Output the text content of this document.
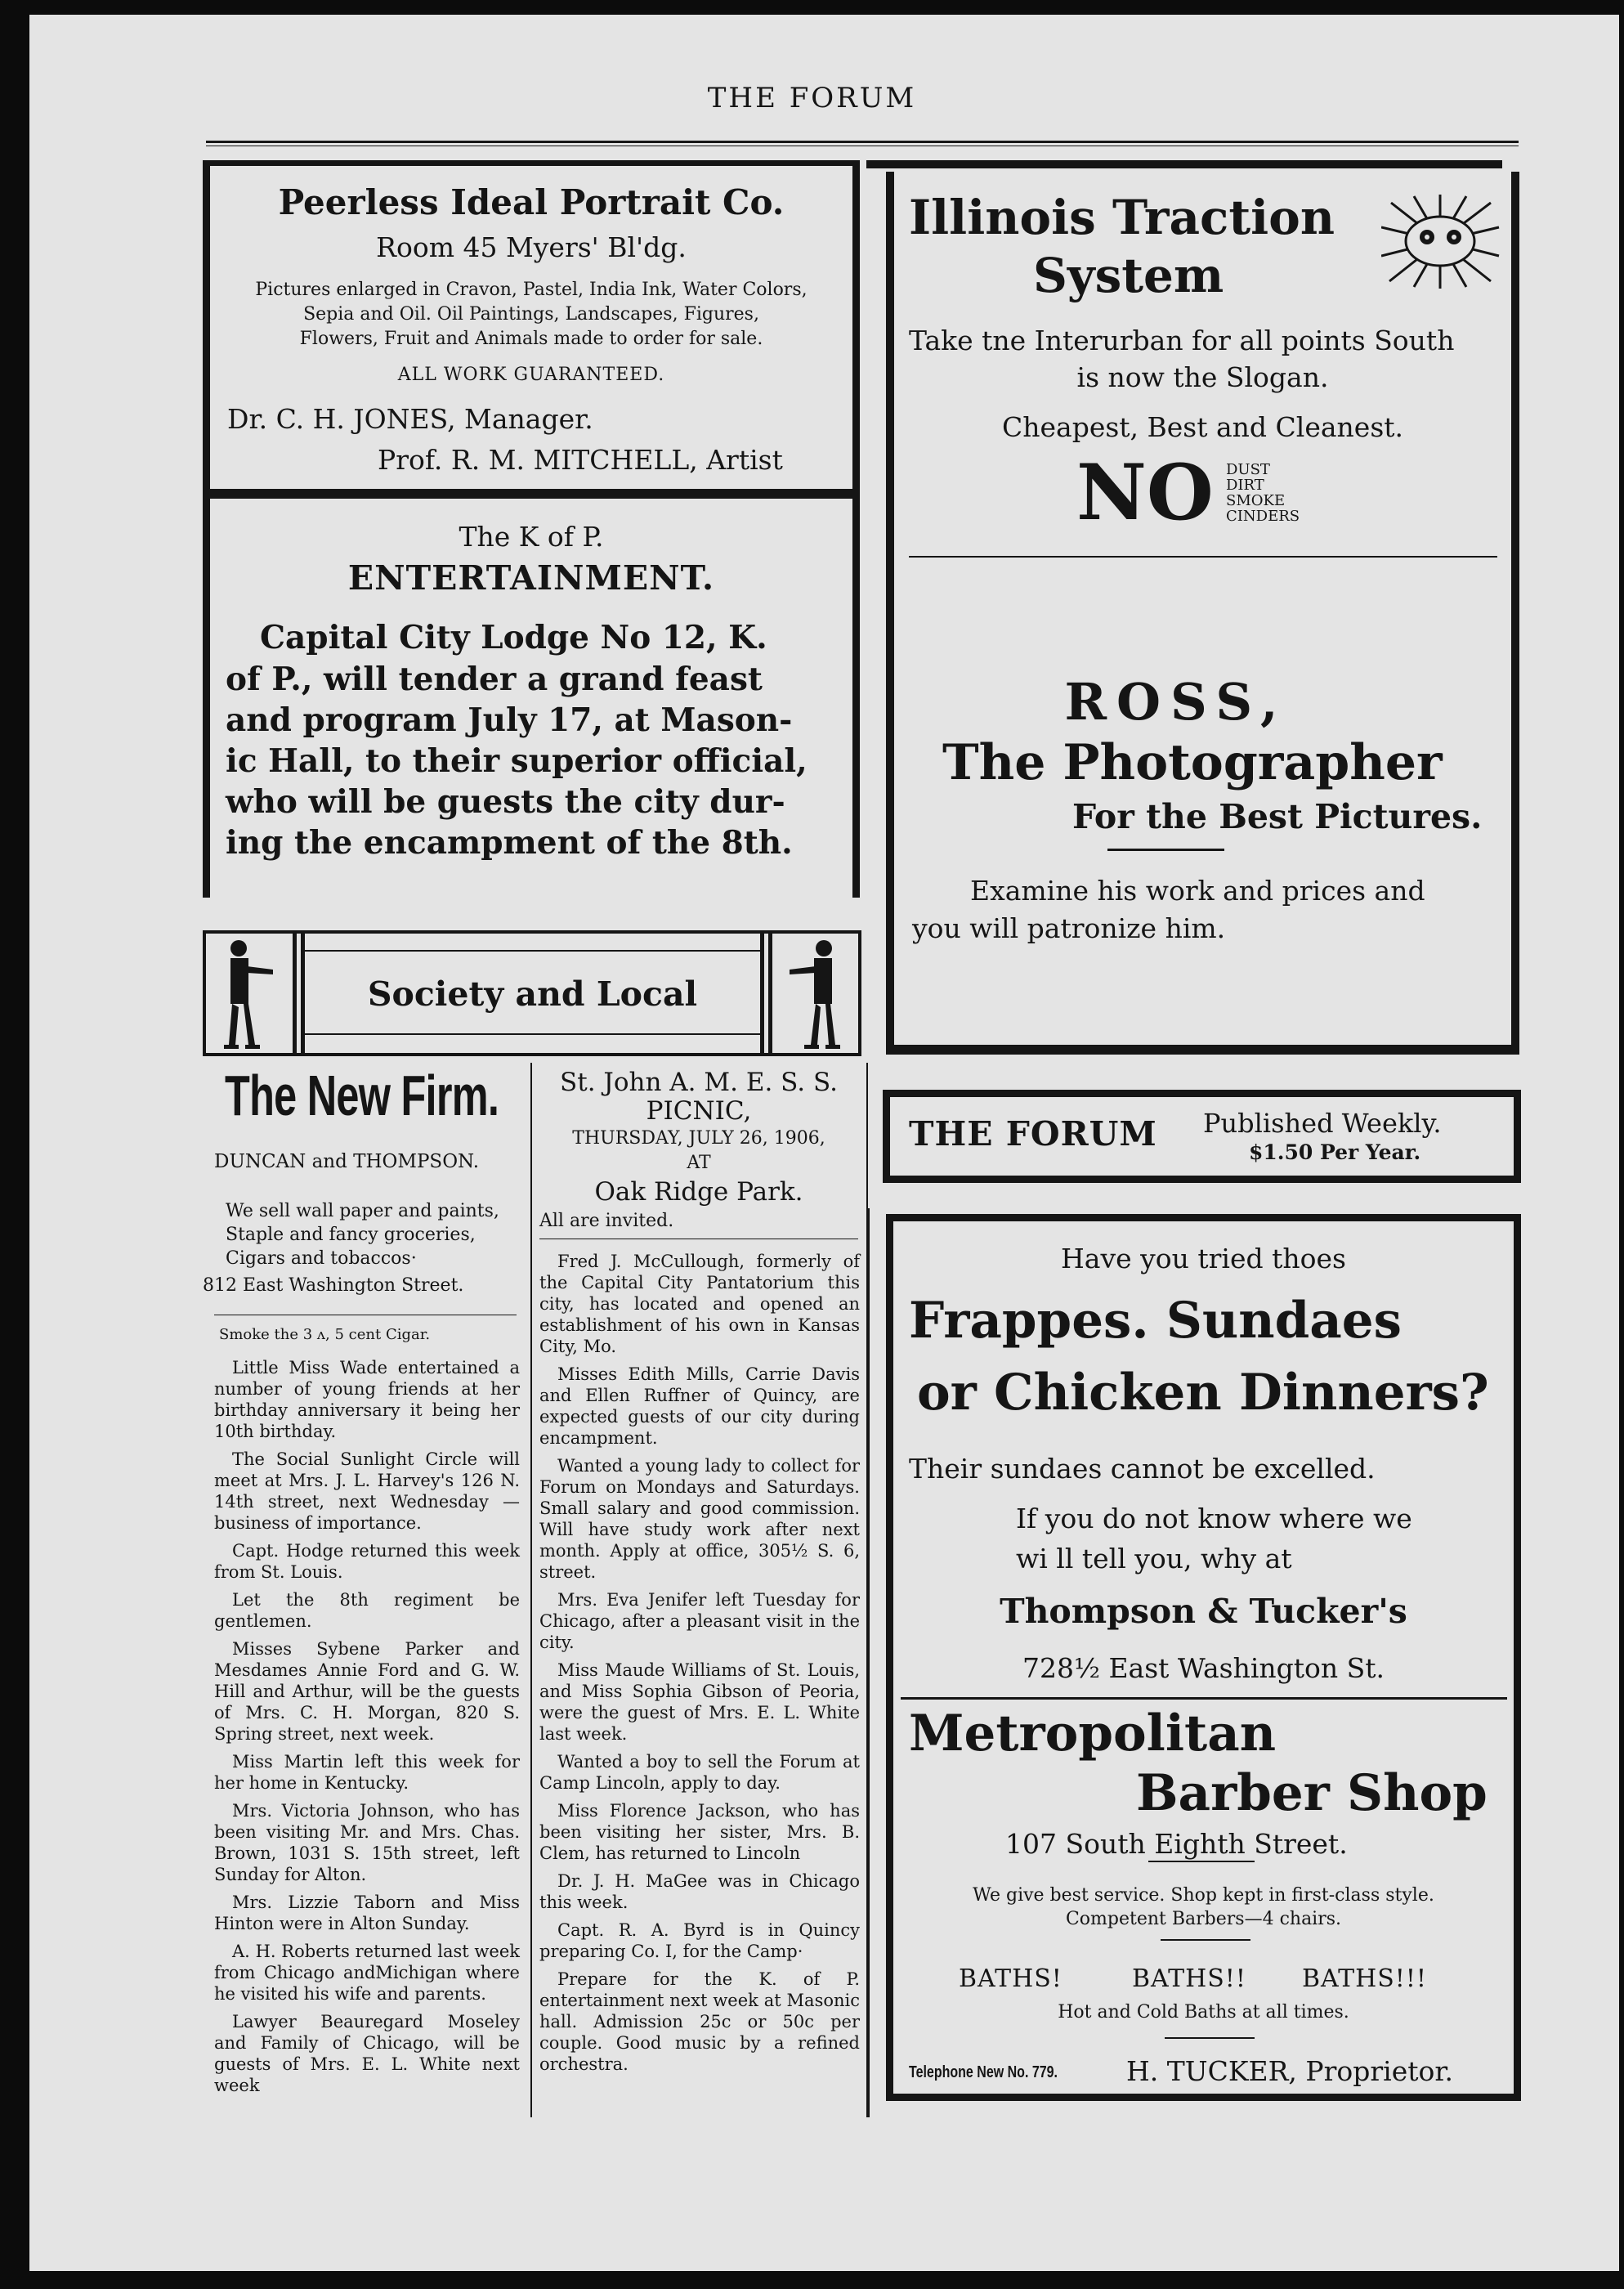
THE FORUM
Peerless Ideal Portrait Co.
Room 45 Myers' Bl'dg.
Pictures enlarged in Cravon, Pastel, India Ink, Water Colors,
Sepia and Oil. Oil Paintings, Landscapes, Figures,
Flowers, Fruit and Animals made to order for sale.
ALL WORK GUARANTEED.
Dr. C. H. JONES, Manager.
Prof. R. M. MITCHELL, Artist
The K of P.
ENTERTAINMENT.
Capital City Lodge No 12, K.
of P., will tender a grand feast
and program July 17, at Mason-
ic Hall, to their superior official,
who will be guests the city dur-
ing the encampment of the 8th.
Illinois Traction
System
Take tne Interurban for all points South
is now the Slogan.
Cheapest, Best and Cleanest.
NO DUST
DIRT
SMOKE
CINDERS
ROSS,
The Photographer
For the Best Pictures.
Examine his work and prices and
you will patronize him.
Society and Local
The New Firm.
DUNCAN and THOMPSON.
We sell wall paper and paints,
Staple and fancy groceries,
Cigars and tobaccos·
812 East Washington Street.
Smoke the 3 ʌ, 5 cent Cigar.

Little Miss Wade entertained a number of young friends at her birthday anniversary it being her 10th birthday.

The Social Sunlight Circle will meet at Mrs. J. L. Harvey's 126 N. 14th street, next Wednesday —business of importance.

Capt. Hodge returned this week from St. Louis.

Let the 8th regiment be gentlemen.

Misses Sybene Parker and Mesdames Annie Ford and G. W. Hill and Arthur, will be the guests of Mrs. C. H. Morgan, 820 S. Spring street, next week.

Miss Martin left this week for her home in Kentucky.

Mrs. Victoria Johnson, who has been visiting Mr. and Mrs. Chas. Brown, 1031 S. 15th street, left Sunday for Alton.

Mrs. Lizzie Taborn and Miss Hinton were in Alton Sunday.

A. H. Roberts returned last week from Chicago andMichigan where he visited his wife and parents.

Lawyer Beauregard Moseley and Family of Chicago, will be guests of Mrs. E. L. White next week

St. John A. M. E. S. S.
PICNIC,
THURSDAY, JULY 26, 1906,
AT
Oak Ridge Park.
All are invited.

Fred J. McCullough, formerly of the Capital City Pantatorium this city, has located and opened an establishment of his own in Kansas City, Mo.

Misses Edith Mills, Carrie Davis and Ellen Ruffner of Quincy, are expected guests of our city during encampment.

Wanted a young lady to collect for Forum on Mondays and Saturdays. Small salary and good commission. Will have study work after next month. Apply at office, 305½ S. 6, street.

Mrs. Eva Jenifer left Tuesday for Chicago, after a pleasant visit in the city.

Miss Maude Williams of St. Louis, and Miss Sophia Gibson of Peoria, were the guest of Mrs. E. L. White last week.

Wanted a boy to sell the Forum at Camp Lincoln, apply to day.

Miss Florence Jackson, who has been visiting her sister, Mrs. B. Clem, has returned to Lincoln

Dr. J. H. MaGee was in Chicago this week.

Capt. R. A. Byrd is in Quincy preparing Co. I, for the Camp·

Prepare for the K. of P. entertainment next week at Masonic hall. Admission 25c or 50c per couple. Good music by a refined orchestra.

THE FORUM Published Weekly.
$1.50 Per Year.
Have you tried thoes
Frappes. Sundaes
or Chicken Dinners?
Their sundaes cannot be excelled.
If you do not know where we
wi ll tell you, why at
Thompson & Tucker's
728½ East Washington St.
Metropolitan
Barber Shop
107 South Eighth Street.
We give best service. Shop kept in first-class style.
Competent Barbers—4 chairs.
BATHS!	BATHS!! BATHS!!!
Hot and Cold Baths at all times.
Telephone New No. 779.	H. TUCKER, Proprietor.
